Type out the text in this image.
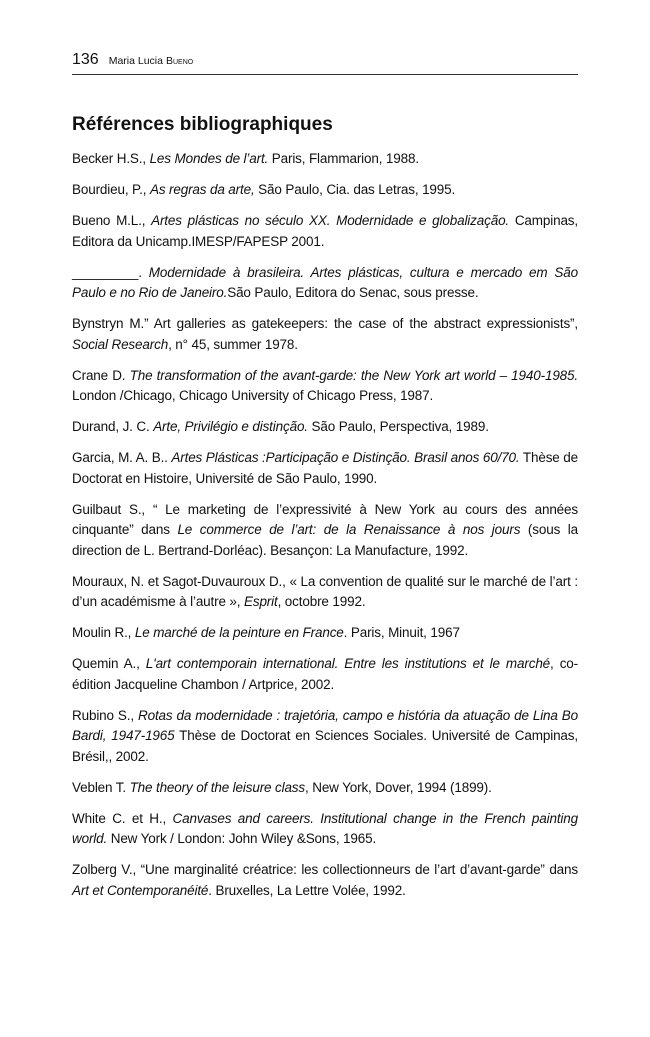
136 Maria Lucia Bueno
Références bibliographiques
Becker H.S., Les Mondes de l’art. Paris, Flammarion, 1988.
Bourdieu, P., As regras da arte, São Paulo, Cia. das Letras, 1995.
Bueno M.L., Artes plásticas no século XX. Modernidade e globalização. Campinas, Editora da Unicamp.IMESP/FAPESP 2001.
_________. Modernidade à brasileira. Artes plásticas, cultura e mercado em São Paulo e no Rio de Janeiro.São Paulo, Editora do Senac, sous presse.
Bynstryn M.” Art galleries as gatekeepers: the case of the abstract expressionists”, Social Research, n° 45, summer 1978.
Crane D. The transformation of the avant-garde: the New York art world – 1940-1985. London /Chicago, Chicago University of Chicago Press, 1987.
Durand, J. C. Arte, Privilégio e distinção. São Paulo, Perspectiva, 1989.
Garcia, M. A. B.. Artes Plásticas :Participação e Distinção. Brasil anos 60/70. Thèse de Doctorat en Histoire, Université de São Paulo, 1990.
Guilbaut S., “ Le marketing de l’expressivité à New York au cours des années cinquante” dans Le commerce de l’art: de la Renaissance à nos jours (sous la direction de L. Bertrand-Dorléac). Besançon: La Manufacture, 1992.
Mouraux, N. et Sagot-Duvauroux D., « La convention de qualité sur le marché de l’art : d’un académisme à l’autre », Esprit, octobre 1992.
Moulin R., Le marché de la peinture en France. Paris, Minuit, 1967
Quemin A., L'art contemporain international. Entre les institutions et le marché, co-édition Jacqueline Chambon / Artprice, 2002.
Rubino S., Rotas da modernidade : trajetória, campo e história da atuação de Lina Bo Bardi, 1947-1965 Thèse de Doctorat en Sciences Sociales. Université de Campinas, Brésil,, 2002.
Veblen T. The theory of the leisure class, New York, Dover, 1994 (1899).
White C. et H., Canvases and careers. Institutional change in the French painting world. New York / London: John Wiley &Sons, 1965.
Zolberg V., “Une marginalité créatrice: les collectionneurs de l’art d’avant-garde” dans Art et Contemporanéité. Bruxelles, La Lettre Volée, 1992.
